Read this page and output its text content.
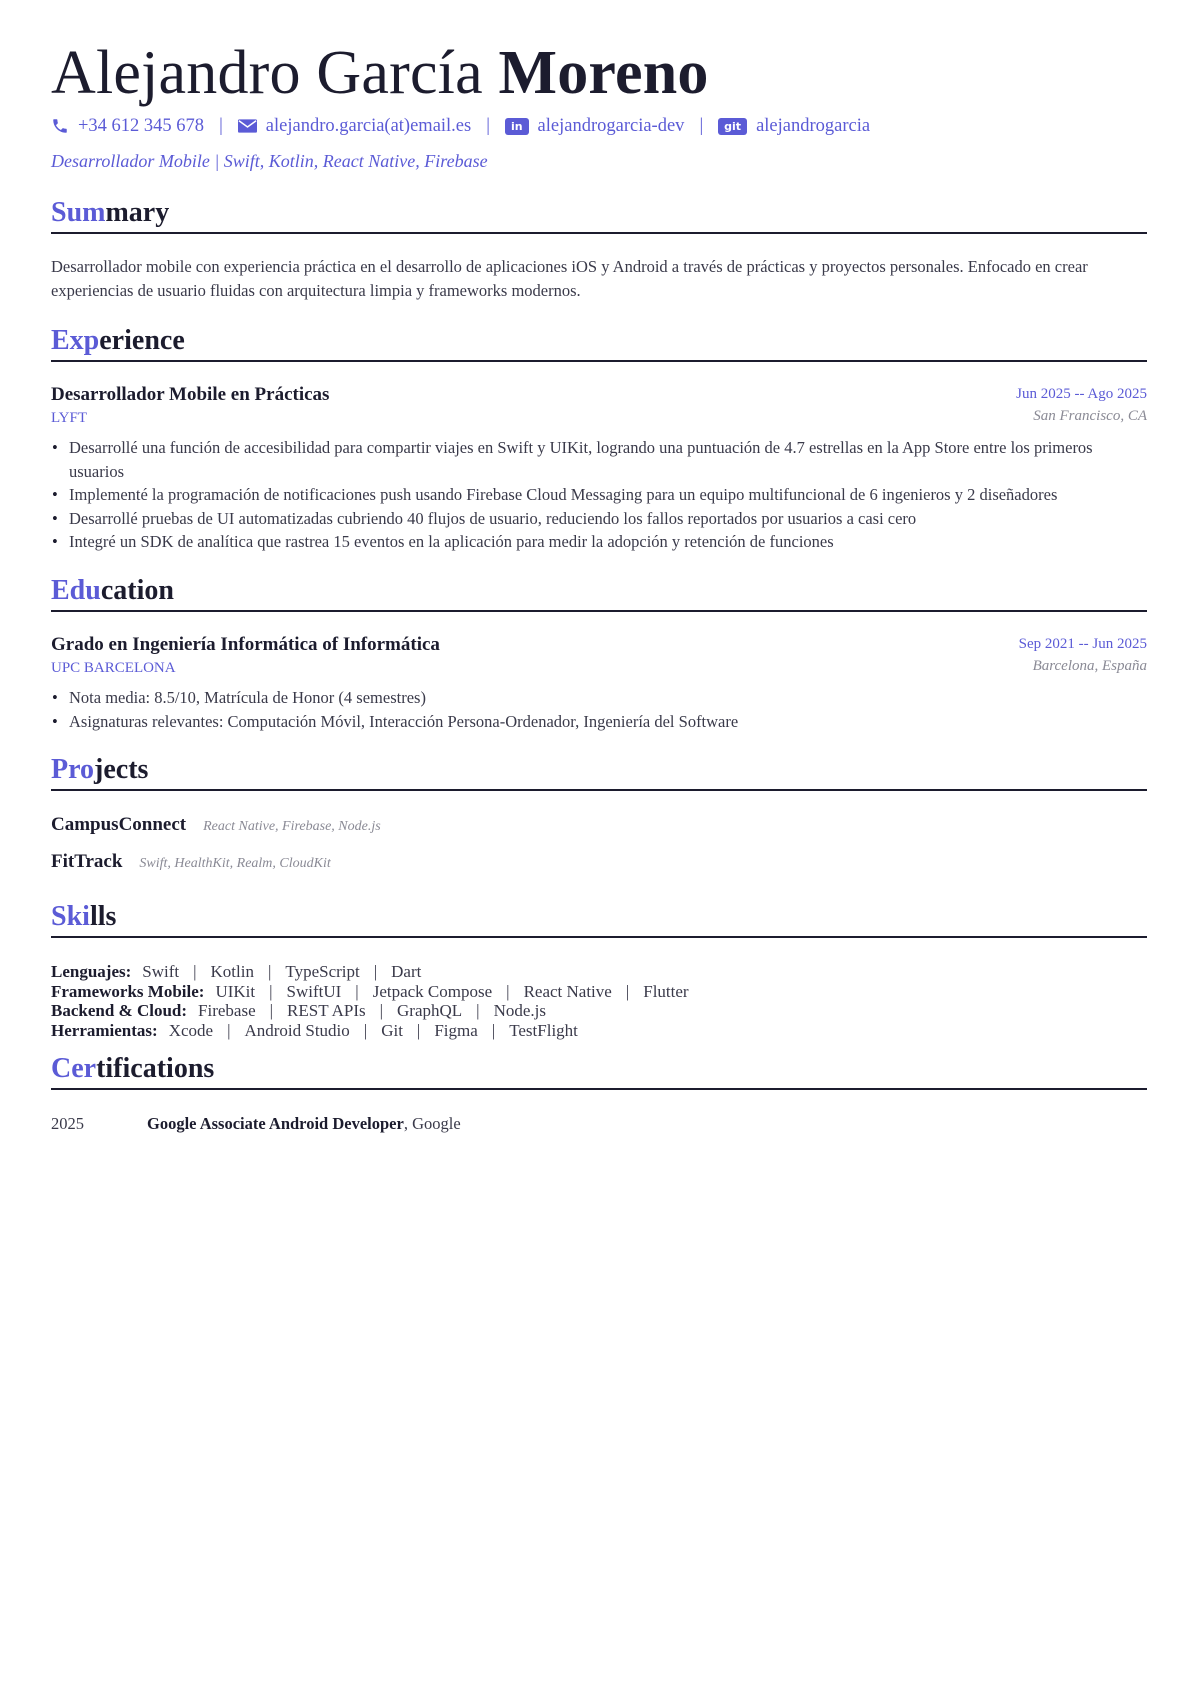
Alejandro García Moreno
+34 612 345 678 | alejandro.garcia(at)email.es |	in alejandrogarcia-dev |	git alejandrogarcia
Desarrollador Mobile | Swift, Kotlin, React Native, Firebase
Summary
Desarrollador mobile con experiencia práctica en el desarrollo de aplicaciones iOS y Android a través de prácticas y proyectos personales. Enfocado en crear experiencias de usuario fluidas con arquitectura limpia y frameworks modernos.
Experience
Desarrollador Mobile en Prácticas	Jun 2025 -- Ago 2025
LYFT	San Francisco, CA
• Desarrollé una función de accesibilidad para compartir viajes en Swift y UIKit, logrando una puntuación de 4.7 estrellas en la App Store entre los primeros usuarios
• Implementé la programación de notificaciones push usando Firebase Cloud Messaging para un equipo multifuncional de 6 ingenieros y 2 diseñadores
• Desarrollé pruebas de UI automatizadas cubriendo 40 flujos de usuario, reduciendo los fallos reportados por usuarios a casi cero
• Integré un SDK de analítica que rastrea 15 eventos en la aplicación para medir la adopción y retención de funciones
Education
Grado en Ingeniería Informática of Informática	Sep 2021 -- Jun 2025
UPC BARCELONA	Barcelona, España
• Nota media: 8.5/10, Matrícula de Honor (4 semestres)
• Asignaturas relevantes: Computación Móvil, Interacción Persona-Ordenador, Ingeniería del Software
Projects
CampusConnect React Native, Firebase, Node.js
FitTrack Swift, HealthKit, Realm, CloudKit
Skills
Lenguajes: Swift | Kotlin | TypeScript | Dart
Frameworks Mobile: UIKit | SwiftUI | Jetpack Compose | React Native | Flutter
Backend & Cloud: Firebase | REST APIs | GraphQL | Node.js
Herramientas: Xcode | Android Studio | Git | Figma | TestFlight
Certifications
2025	Google Associate Android Developer, Google
